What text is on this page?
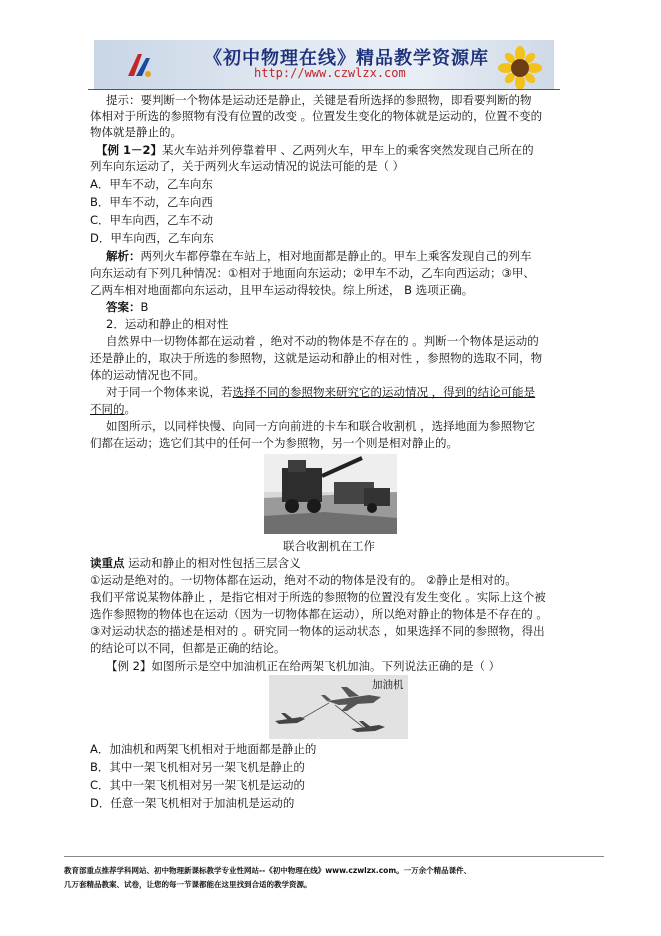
《初中物理在线》精品教学资源库
http://www.czwlzx.com
提示：要判断一个物体是运动还是静止，关键是看所选择的参照物，即看要判断的物
体相对于所选的参照物有没有位置的改变 。位置发生变化的物体就是运动的，位置不变的
物体就是静止的。
【例 1－2】某火车站并列停靠着甲 、乙两列火车，甲车上的乘客突然发现自己所在的
列车向东运动了，关于两列火车运动情况的说法可能的是（ ）
A．甲车不动，乙车向东
B．甲车不动，乙车向西
C．甲车向西，乙车不动
D．甲车向西，乙车向东
解析：两列火车都停靠在车站上，相对地面都是静止的。甲车上乘客发现自己的列车
向东运动有下列几种情况：①相对于地面向东运动；②甲车不动，乙车向西运动；③甲、
乙两车相对地面都向东运动，且甲车运动得较快。综上所述， B 选项正确。
答案：B
2．运动和静止的相对性
自然界中一切物体都在运动着 ，绝对不动的物体是不存在的 。判断一个物体是运动的
还是静止的，取决于所选的参照物，这就是运动和静止的相对性 ，参照物的选取不同，物
体的运动情况也不同。
对于同一个物体来说，若选择不同的参照物来研究它的运动情况 ，得到的结论可能是
不同的。
如图所示，以同样快慢、向同一方向前进的卡车和联合收割机 ，选择地面为参照物它
们都在运动；选它们其中的任何一个为参照物，另一个则是相对静止的。
联合收割机在工作
读重点 运动和静止的相对性包括三层含义
①运动是绝对的。一切物体都在运动，绝对不动的物体是没有的。 ②静止是相对的。
我们平常说某物体静止 ，是指它相对于所选的参照物的位置没有发生变化 。实际上这个被
选作参照物的物体也在运动（因为一切物体都在运动），所以绝对静止的物体是不存在的 。
③对运动状态的描述是相对的 。研究同一物体的运动状态 ，如果选择不同的参照物，得出
的结论可以不同，但都是正确的结论。
【例 2】如图所示是空中加油机正在给两架飞机加油。下列说法正确的是（ ）
加油机
A．加油机和两架飞机相对于地面都是静止的
B．其中一架飞机相对另一架飞机是静止的
C．其中一架飞机相对另一架飞机是运动的
D．任意一架飞机相对于加油机是运动的
教育部重点推荐学科网站、初中物理新课标教学专业性网站--《初中物理在线》www.czwlzx.com。一万余个精品课件、
几万套精品教案、试卷，让您的每一节课都能在这里找到合适的教学资源。
